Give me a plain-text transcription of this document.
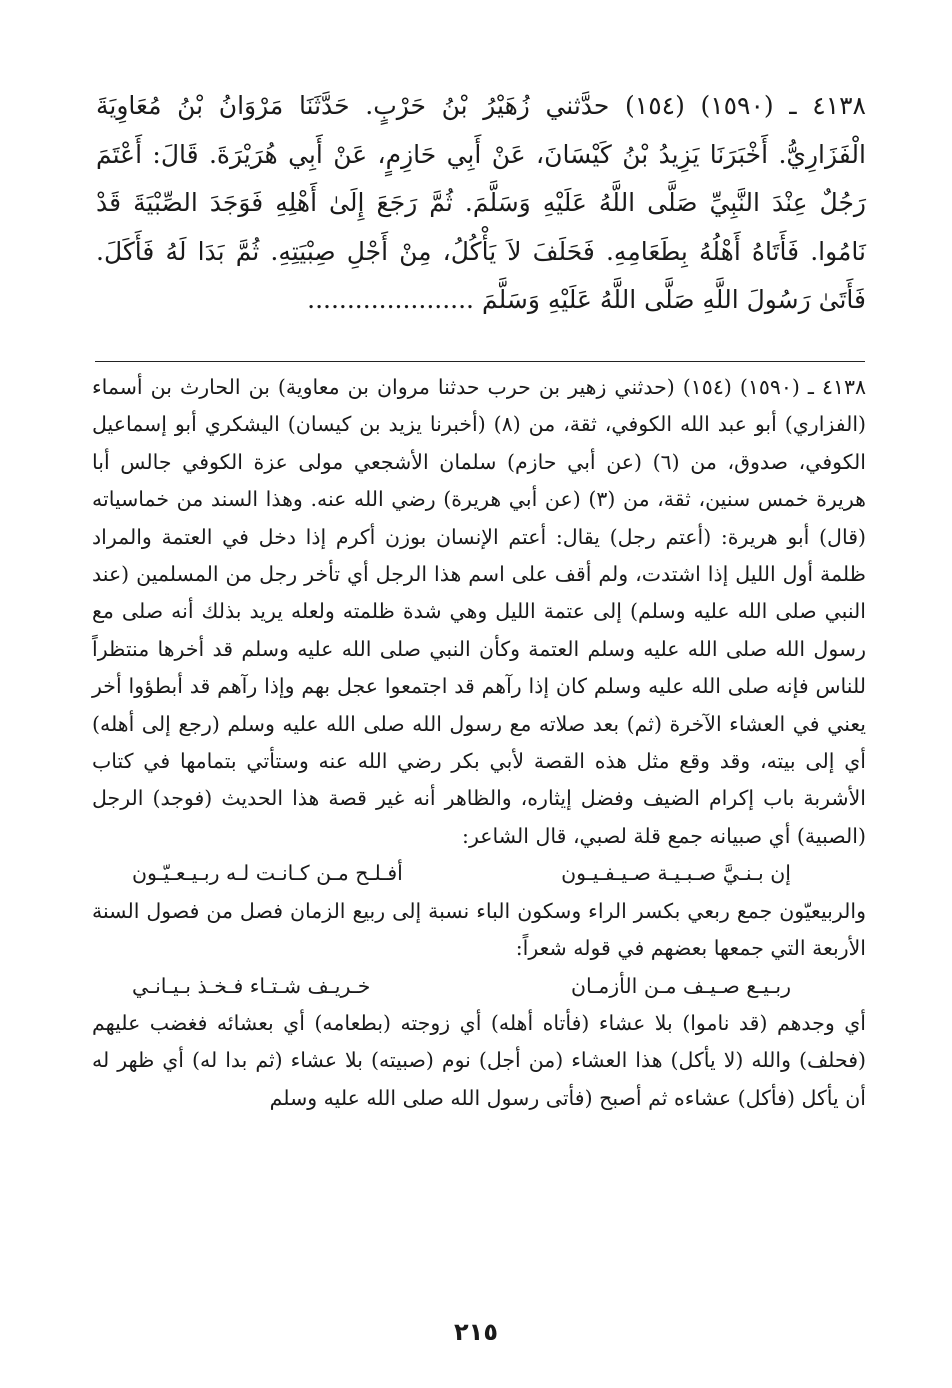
٤١٣٨ ـ (١٥٩٠) (١٥٤) حدَّثني زُهَيْرُ بْنُ حَرْبٍ. حَدَّثَنَا مَرْوَانُ بْنُ مُعَاوِيَةَ الْفَزَارِيُّ. أَخْبَرَنَا يَزِيدُ بْنُ كَيْسَانَ، عَنْ أَبِي حَازِمٍ، عَنْ أَبِي هُرَيْرَةَ. قَالَ: أَعْتَمَ رَجُلٌ عِنْدَ النَّبِيِّ صَلَّى اللَّهُ عَلَيْهِ وَسَلَّمَ. ثُمَّ رَجَعَ إِلَىٰ أَهْلِهِ فَوَجَدَ الصِّبْيَةَ قَدْ نَامُوا. فَأَتَاهُ أَهْلُهُ بِطَعَامِهِ. فَحَلَفَ لاَ يَأْكُلُ، مِنْ أَجْلِ صِبْيَتِهِ. ثُمَّ بَدَا لَهُ فَأَكَلَ. فَأَتَىٰ رَسُولَ اللَّهِ صَلَّى اللَّهُ عَلَيْهِ وَسَلَّمَ .....................

٤١٣٨ ـ (١٥٩٠) (١٥٤) (حدثني زهير بن حرب حدثنا مروان بن معاوية) بن الحارث بن أسماء (الفزاري) أبو عبد الله الكوفي، ثقة، من (٨) (أخبرنا يزيد بن كيسان) اليشكري أبو إسماعيل الكوفي، صدوق، من (٦) (عن أبي حازم) سلمان الأشجعي مولى عزة الكوفي جالس أبا هريرة خمس سنين، ثقة، من (٣) (عن أبي هريرة) رضي الله عنه. وهذا السند من خماسياته (قال) أبو هريرة: (أعتم رجل) يقال: أعتم الإنسان بوزن أكرم إذا دخل في العتمة والمراد ظلمة أول الليل إذا اشتدت، ولم أقف على اسم هذا الرجل أي تأخر رجل من المسلمين (عند النبي صلى الله عليه وسلم) إلى عتمة الليل وهي شدة ظلمته ولعله يريد بذلك أنه صلى مع رسول الله صلى الله عليه وسلم العتمة وكأن النبي صلى الله عليه وسلم قد أخرها منتظراً للناس فإنه صلى الله عليه وسلم كان إذا رآهم قد اجتمعوا عجل بهم وإذا رآهم قد أبطؤوا أخر يعني في العشاء الآخرة (ثم) بعد صلاته مع رسول الله صلى الله عليه وسلم (رجع إلى أهله) أي إلى بيته، وقد وقع مثل هذه القصة لأبي بكر رضي الله عنه وستأتي بتمامها في كتاب الأشربة باب إكرام الضيف وفضل إيثاره، والظاهر أنه غير قصة هذا الحديث (فوجد) الرجل (الصبية) أي صبيانه جمع قلة لصبي، قال الشاعر:

إن بـنـيَّ صـبـيـة صـيـفـيـون
أفـلـح مـن كـانـت لـه ربـيـعـيّـون

والربيعيّون جمع ربعي بكسر الراء وسكون الباء نسبة إلى ربيع الزمان فصل من فصول السنة الأربعة التي جمعها بعضهم في قوله شعراً:

ربـيـع صـيـف مـن الأزمـان
خـريـف شـتـاء فـخـذ بـيـانـي

أي وجدهم (قد ناموا) بلا عشاء (فأتاه أهله) أي زوجته (بطعامه) أي بعشائه فغضب عليهم (فحلف) والله (لا يأكل) هذا العشاء (من أجل) نوم (صبيته) بلا عشاء (ثم بدا له) أي ظهر له أن يأكل (فأكل) عشاءه ثم أصبح (فأتى رسول الله صلى الله عليه وسلم

٢١٥
